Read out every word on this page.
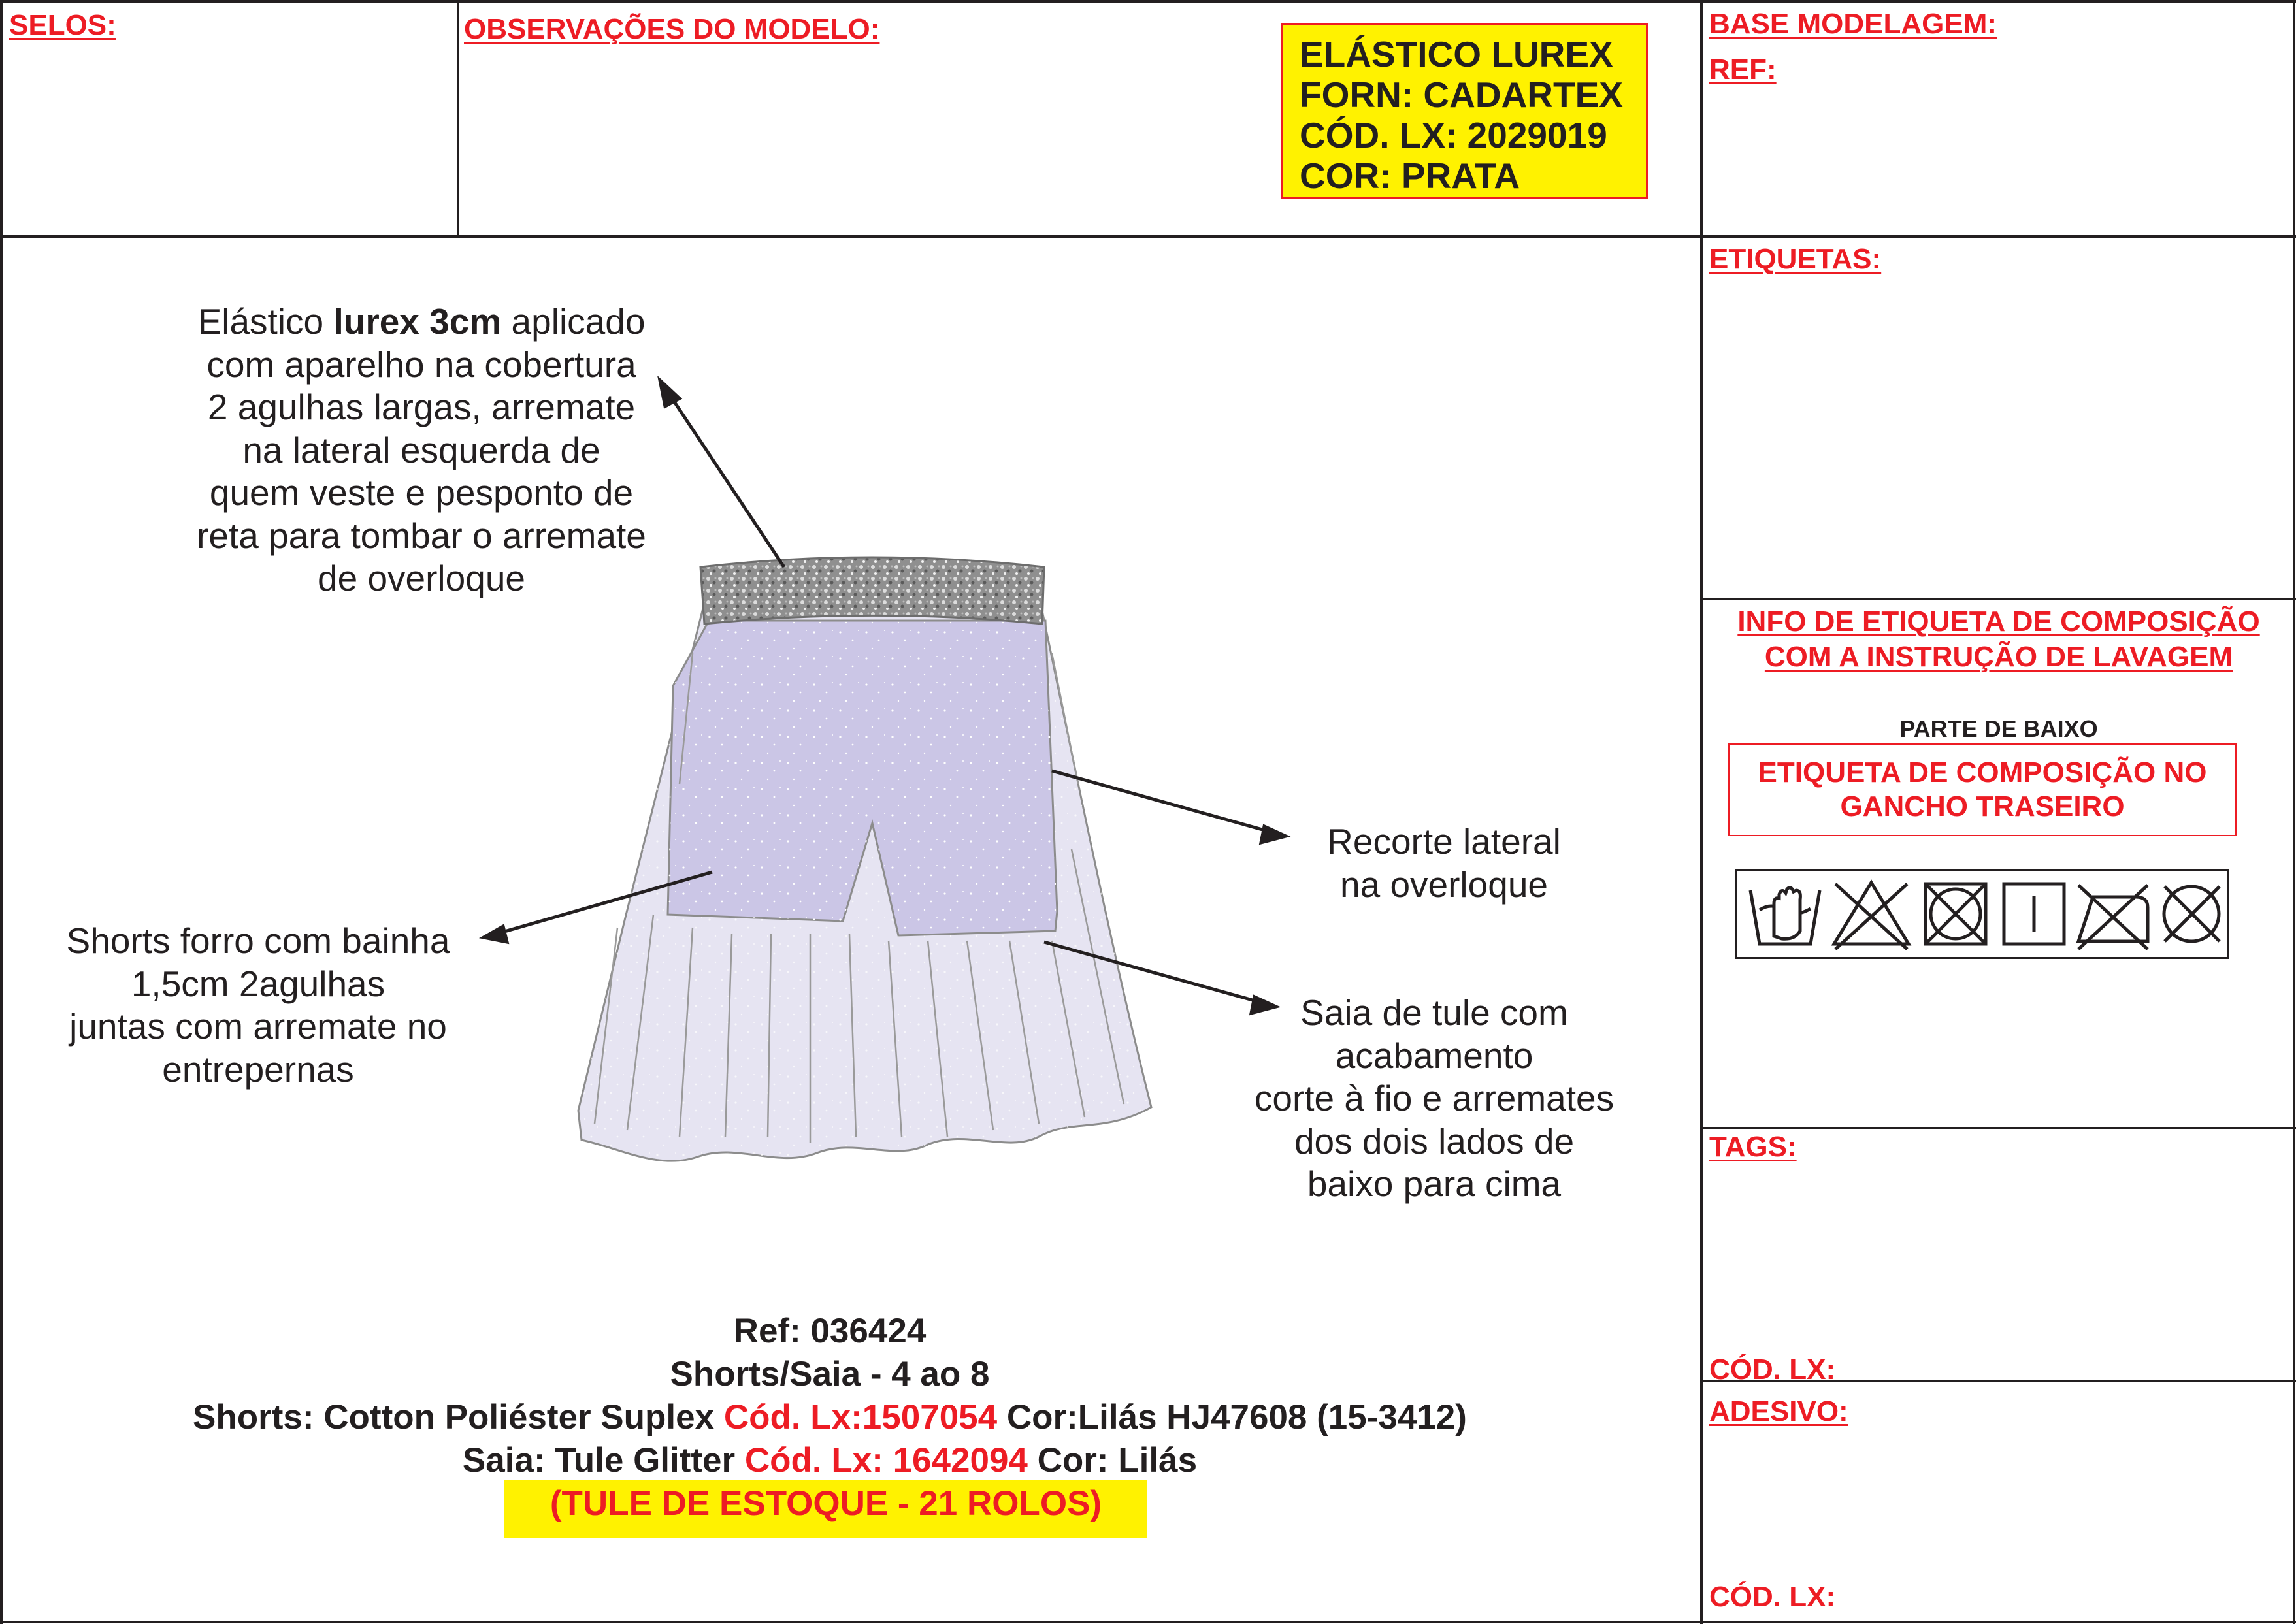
SELOS:	OBSERVAÇÕES DO MODELO:	BASE MODELAGEM:
REF:
ETIQUETAS:
TAGS:
CÓD. LX:
ADESIVO:
CÓD. LX:
ELÁSTICO LUREX
FORN: CADARTEX
CÓD. LX: 2029019
COR: PRATA
Elástico lurex 3cm aplicado
com aparelho na cobertura
2 agulhas largas, arremate
na lateral esquerda de
quem veste e pesponto de
reta para tombar o arremate
de overloque
Recorte lateral
na overloque
Shorts forro com bainha
1,5cm 2agulhas
juntas com arremate no
entrepernas
Saia de tule com
acabamento
corte à fio e arremates
dos dois lados de
baixo para cima
INFO DE ETIQUETA DE COMPOSIÇÃO
COM A INSTRUÇÃO DE LAVAGEM
PARTE DE BAIXO
ETIQUETA DE COMPOSIÇÃO NO
GANCHO TRASEIRO
Ref: 036424
Shorts/Saia - 4 ao 8
Shorts: Cotton Poliéster Suplex Cód. Lx:1507054 Cor:Lilás HJ47608 (15-3412)
Saia: Tule Glitter Cód. Lx: 1642094 Cor: Lilás
(TULE DE ESTOQUE - 21 ROLOS)
